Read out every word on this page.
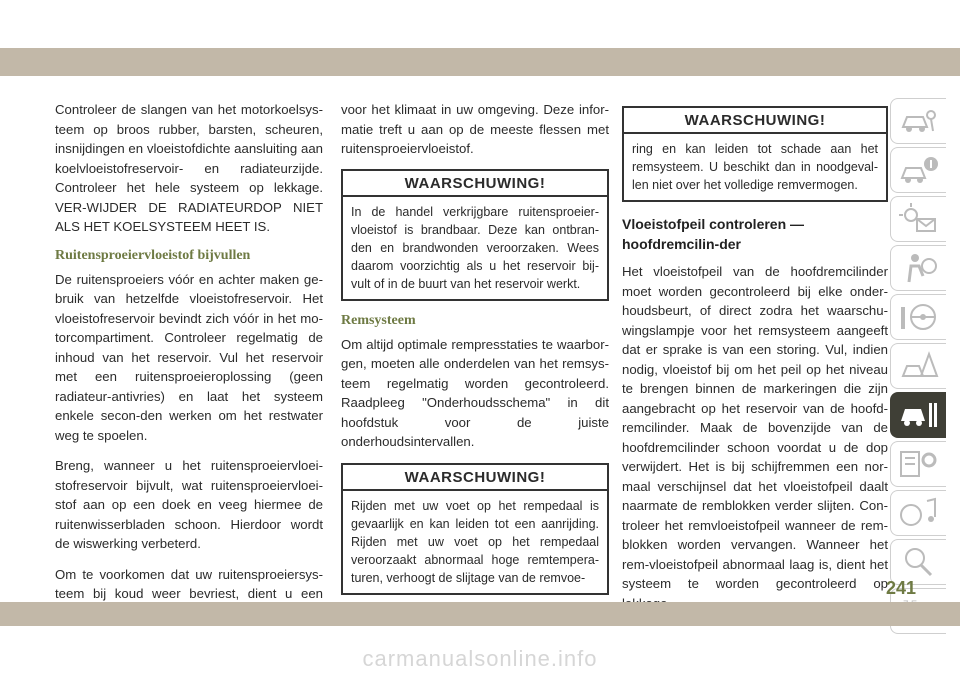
Controleer de slangen van het motorkoelsys-teem op broos rubber, barsten, scheuren, insnijdingen en vloeistofdichte aansluiting aan koelvloeistofreservoir- en radiateurzijde. Controleer het hele systeem op lekkage. VER-WIJDER DE RADIATEURDOP NIET ALS HET KOELSYSTEEM HEET IS.

Ruitensproeiervloeistof bijvullen

De ruitensproeiers vóór en achter maken ge-bruik van hetzelfde vloeistofreservoir. Het vloeistofreservoir bevindt zich vóór in het mo-torcompartiment. Controleer regelmatig de inhoud van het reservoir. Vul het reservoir met een ruitensproeieroplossing (geen radiateur-antivries) en laat het systeem enkele secon-den werken om het restwater weg te spoelen.

Breng, wanneer u het ruitensproeiervloei-stofreservoir bijvult, wat ruitensproeiervloei-stof aan op een doek en veeg hiermee de ruitenwisserbladen schoon. Hierdoor wordt de wiswerking verbeterd.

Om te voorkomen dat uw ruitensproeiersys-teem bij koud weer bevriest, dient u een

voor het klimaat in uw omgeving. Deze infor-matie treft u aan op de meeste flessen met ruitensproeiervloeistof.

WAARSCHUWING!
In de handel verkrijgbare ruitensproeier-vloeistof is brandbaar. Deze kan ontbran-den en brandwonden veroorzaken. Wees daarom voorzichtig als u het reservoir bij-vult of in de buurt van het reservoir werkt.
Remsysteem

Om altijd optimale rempresstaties te waarbor-gen, moeten alle onderdelen van het remsys-teem regelmatig worden gecontroleerd. Raadpleeg "Onderhoudsschema" in dit hoofdstuk voor de juiste onderhoudsintervallen.

WAARSCHUWING!
Rijden met uw voet op het rempedaal is gevaarlijk en kan leiden tot een aanrijding. Rijden met uw voet op het rempedaal veroorzaakt abnormaal hoge remtempera-turen, verhoogt de slijtage van de remvoe-
WAARSCHUWING!
ring en kan leiden tot schade aan het remsysteem. U beschikt dan in noodgeval-len niet over het volledige remvermogen.
Vloeistofpeil controleren — hoofdremcilin-der

Het vloeistofpeil van de hoofdremcilinder moet worden gecontroleerd bij elke onder-houdsbeurt, of direct zodra het waarschu-wingslampje voor het remsysteem aangeeft dat er sprake is van een storing. Vul, indien nodig, vloeistof bij om het peil op het niveau te brengen binnen de markeringen die zijn aangebracht op het reservoir van de hoofd-remcilinder. Maak de bovenzijde van de hoofdremcilinder schoon voordat u de dop verwijdert. Het is bij schijfremmen een nor-maal verschijnsel dat het vloeistofpeil daalt naarmate de remblokken verder slijten. Con-troleer het remvloeistofpeil wanneer de rem-blokken worden vervangen. Wanneer het rem-vloeistofpeil abnormaal laag is, dient het systeem te worden gecontroleerd op

241
carmanualsonline.info
